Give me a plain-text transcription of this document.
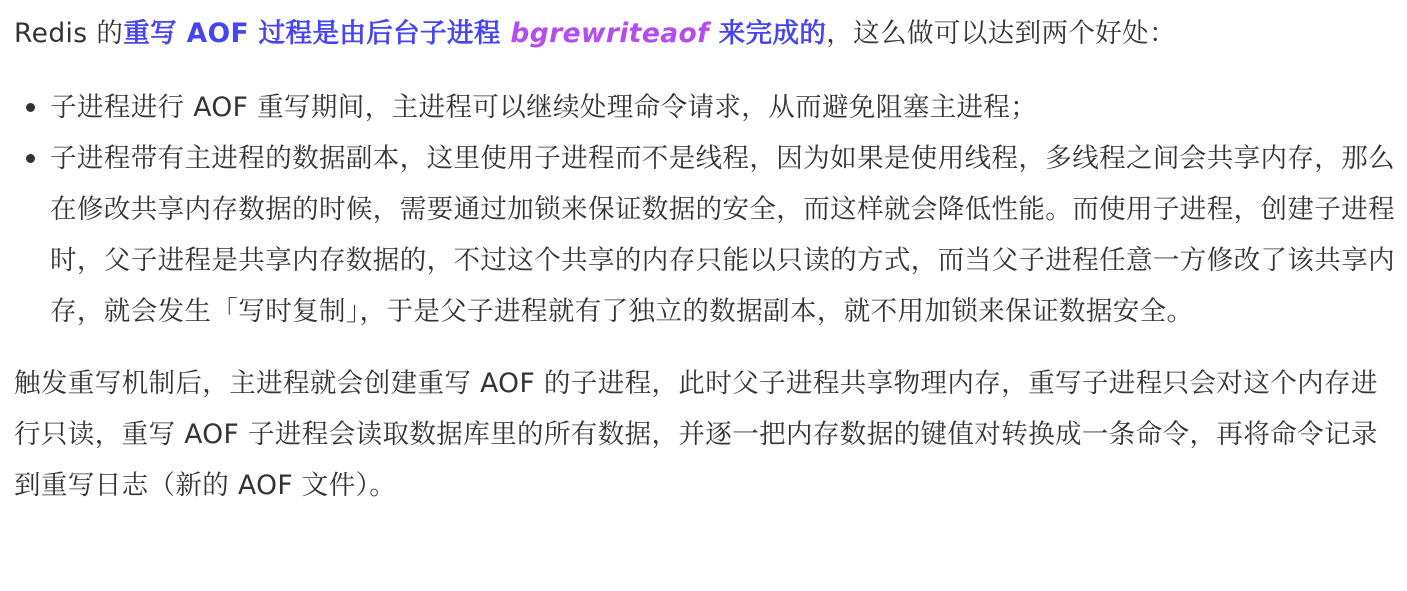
Redis 的重写 AOF 过程是由后台子进程 bgrewriteaof 来完成的，这么做可以达到两个好处：

子进程进行 AOF 重写期间，主进程可以继续处理命令请求，从而避免阻塞主进程；
子进程带有主进程的数据副本，这里使用子进程而不是线程，因为如果是使用线程，多线程之间会共享内存，那么在修改共享内存数据的时候，需要通过加锁来保证数据的安全，而这样就会降低性能。而使用子进程，创建子进程时，父子进程是共享内存数据的，不过这个共享的内存只能以只读的方式，而当父子进程任意一方修改了该共享内存，就会发生「写时复制」，于是父子进程就有了独立的数据副本，就不用加锁来保证数据安全。

触发重写机制后，主进程就会创建重写 AOF 的子进程，此时父子进程共享物理内存，重写子进程只会对这个内存进行只读，重写 AOF 子进程会读取数据库里的所有数据，并逐一把内存数据的键值对转换成一条命令，再将命令记录到重写日志（新的 AOF 文件）。
